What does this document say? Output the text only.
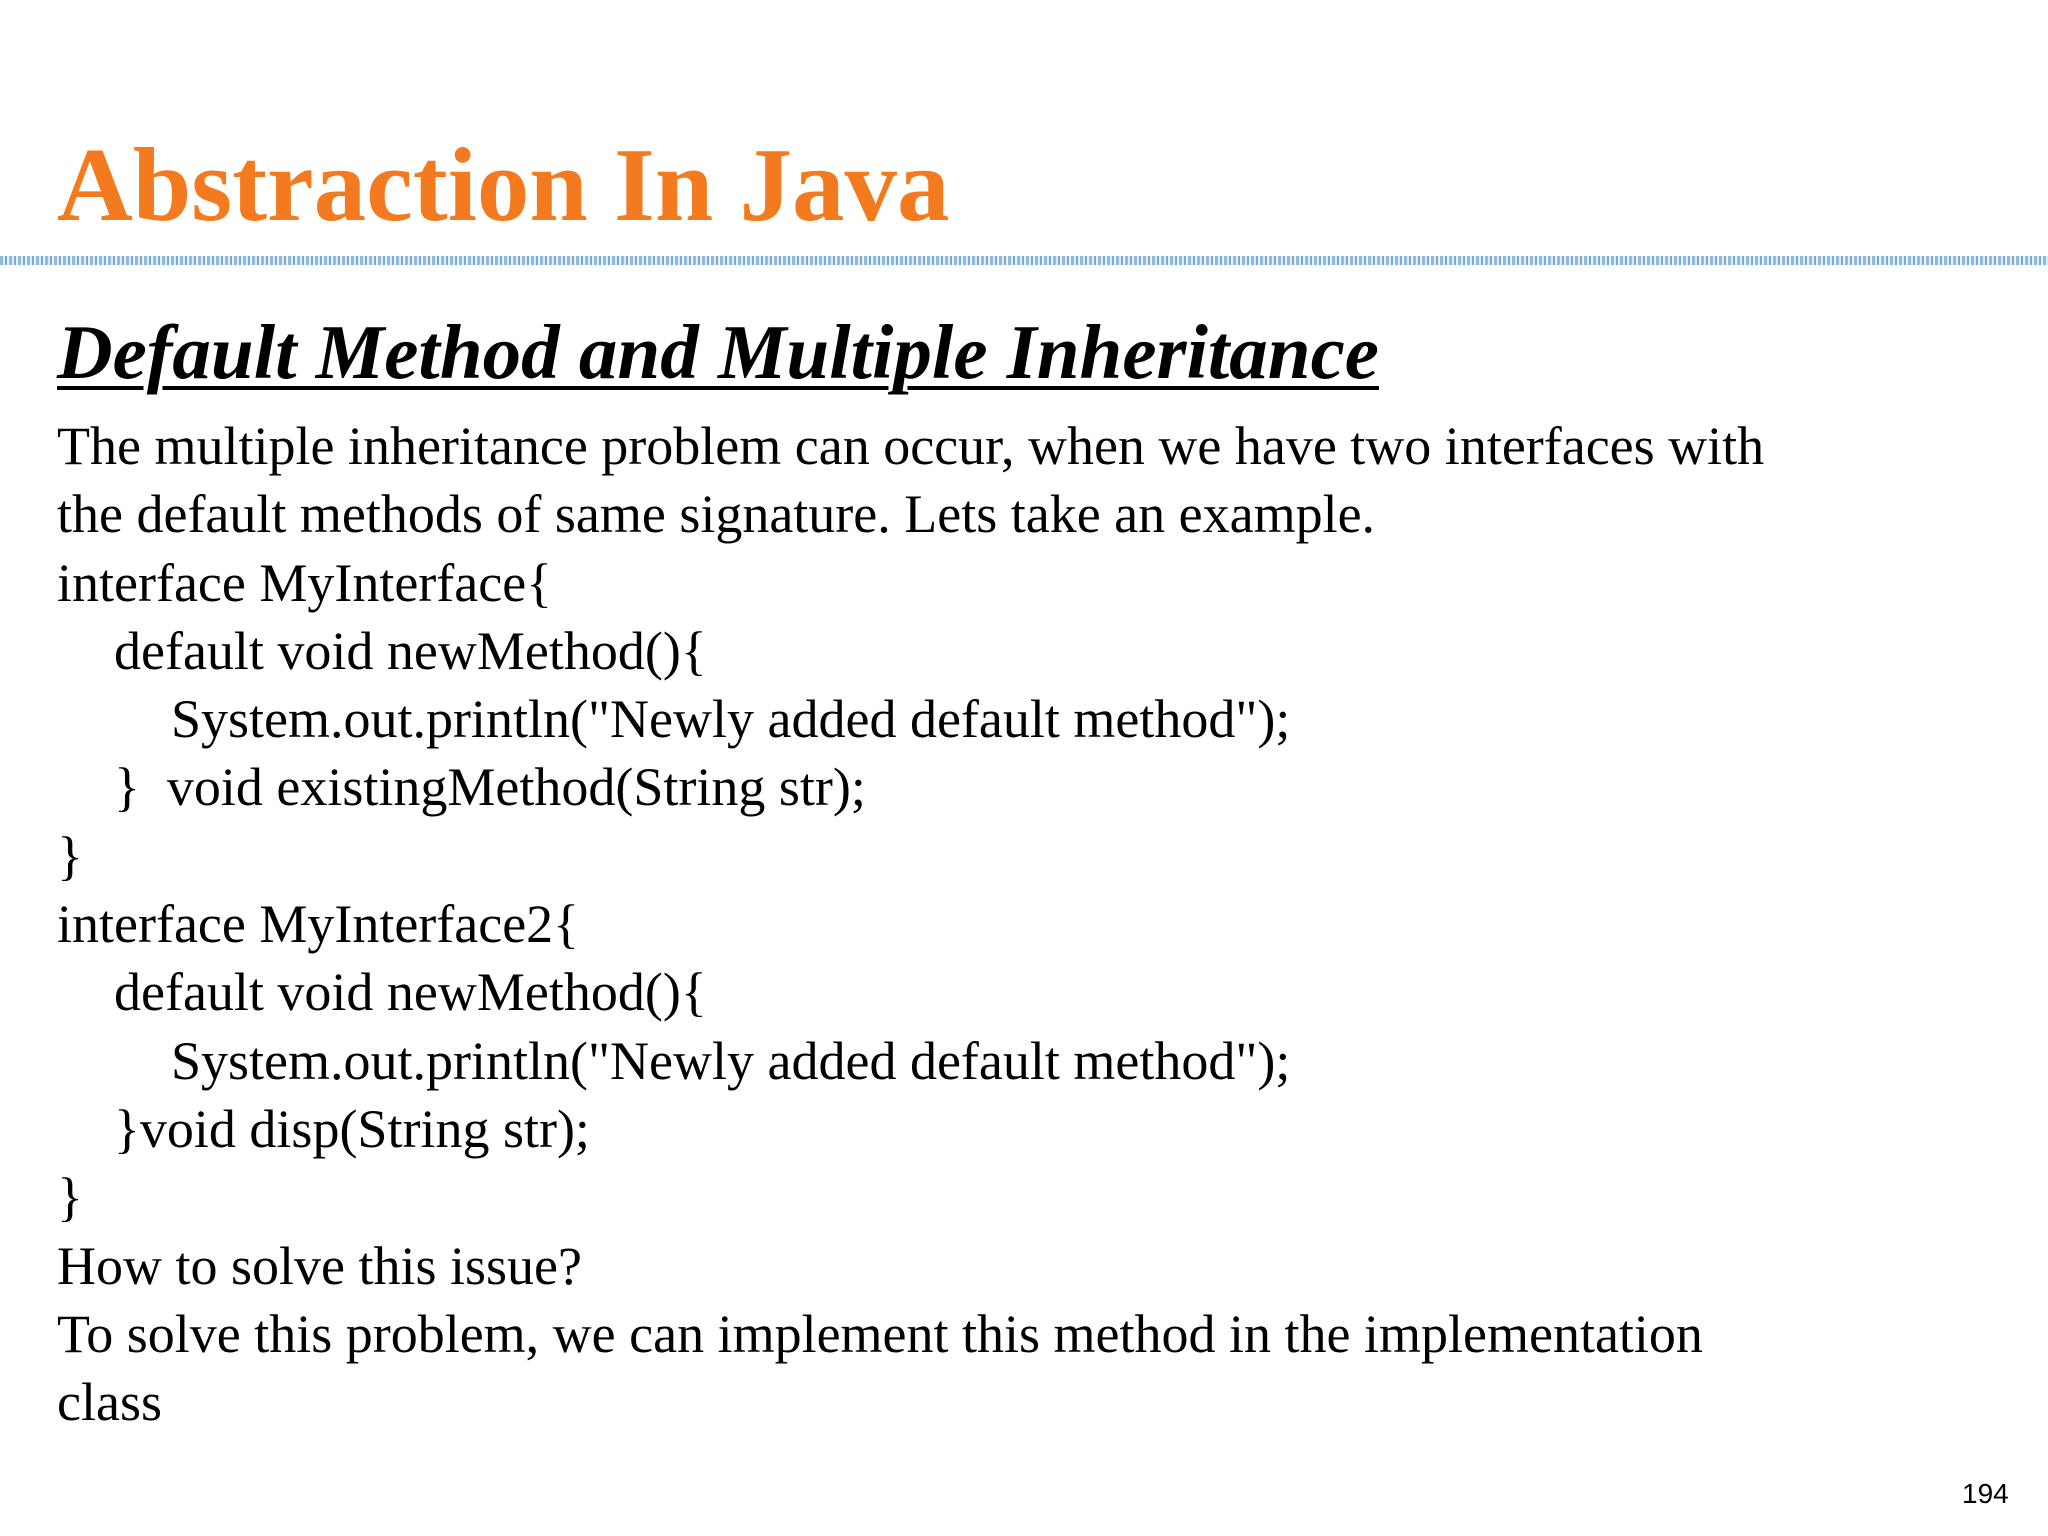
Abstraction In Java
Default Method and Multiple Inheritance
The multiple inheritance problem can occur, when we have two interfaces with
the default methods of same signature. Lets take an example.
interface MyInterface{
default void newMethod(){
System.out.println("Newly added default method");
}  void existingMethod(String str);
}
interface MyInterface2{
default void newMethod(){
System.out.println("Newly added default method");
}void disp(String str);
}
How to solve this issue?
To solve this problem, we can implement this method in the implementation
class
194
